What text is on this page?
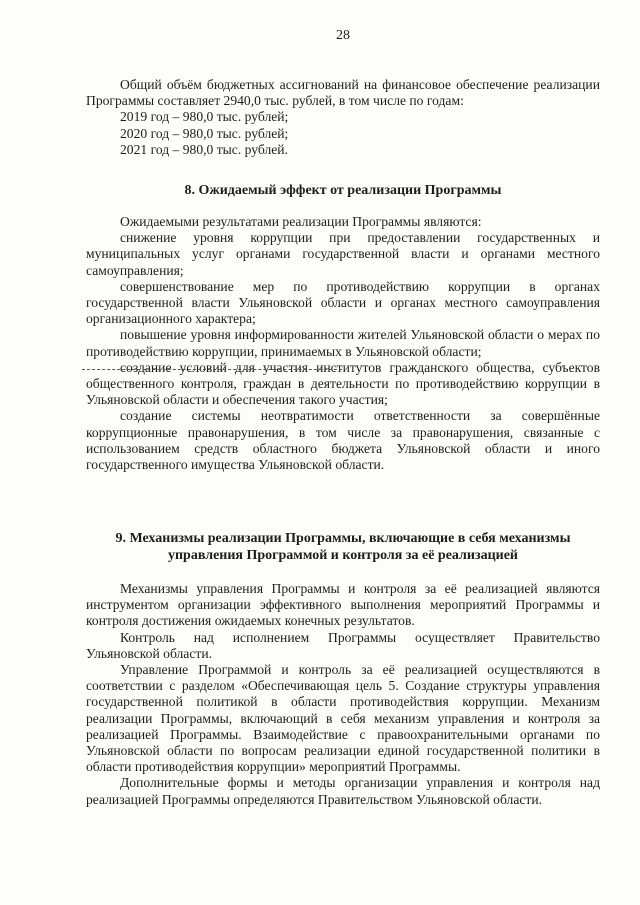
28

Общий объём бюджетных ассигнований на финансовое обеспечение реализации Программы составляет 2940,0 тыс. рублей, в том числе по годам:

2019 год – 980,0 тыс. рублей;

2020 год – 980,0 тыс. рублей;

2021 год – 980,0 тыс. рублей.

8. Ожидаемый эффект от реализации Программы

Ожидаемыми результатами реализации Программы являются:

снижение уровня коррупции при предоставлении государственных и муниципальных услуг органами государственной власти и органами местного самоуправления;

совершенствование мер по противодействию коррупции в органах государственной власти Ульяновской области и органах местного самоуправления организационного характера;

повышение уровня информированности жителей Ульяновской области о мерах по противодействию коррупции, принимаемых в Ульяновской области;

создание условий для участия институтов гражданского общества, субъектов общественного контроля, граждан в деятельности по противодействию коррупции в Ульяновской области и обеспечения такого участия;

создание системы неотвратимости ответственности за совершённые коррупционные правонарушения, в том числе за правонарушения, связанные с использованием средств областного бюджета Ульяновской области и иного государственного имущества Ульяновской области.

9. Механизмы реализации Программы, включающие в себя механизмы
управления Программой и контроля за её реализацией

Механизмы управления Программы и контроля за её реализацией являются инструментом организации эффективного выполнения мероприятий Программы и контроля достижения ожидаемых конечных результатов.

Контроль над исполнением Программы осуществляет Правительство Ульяновской области.

Управление Программой и контроль за её реализацией осуществляются в соответствии с разделом «Обеспечивающая цель 5. Создание структуры управления государственной политикой в области противодействия коррупции. Механизм реализации Программы, включающий в себя механизм управления и контроля за реализацией Программы. Взаимодействие с правоохранительными органами по Ульяновской области по вопросам реализации единой государственной политики в области противодействия коррупции» мероприятий Программы.

Дополнительные формы и методы организации управления и контроля над реализацией Программы определяются Правительством Ульяновской области.
